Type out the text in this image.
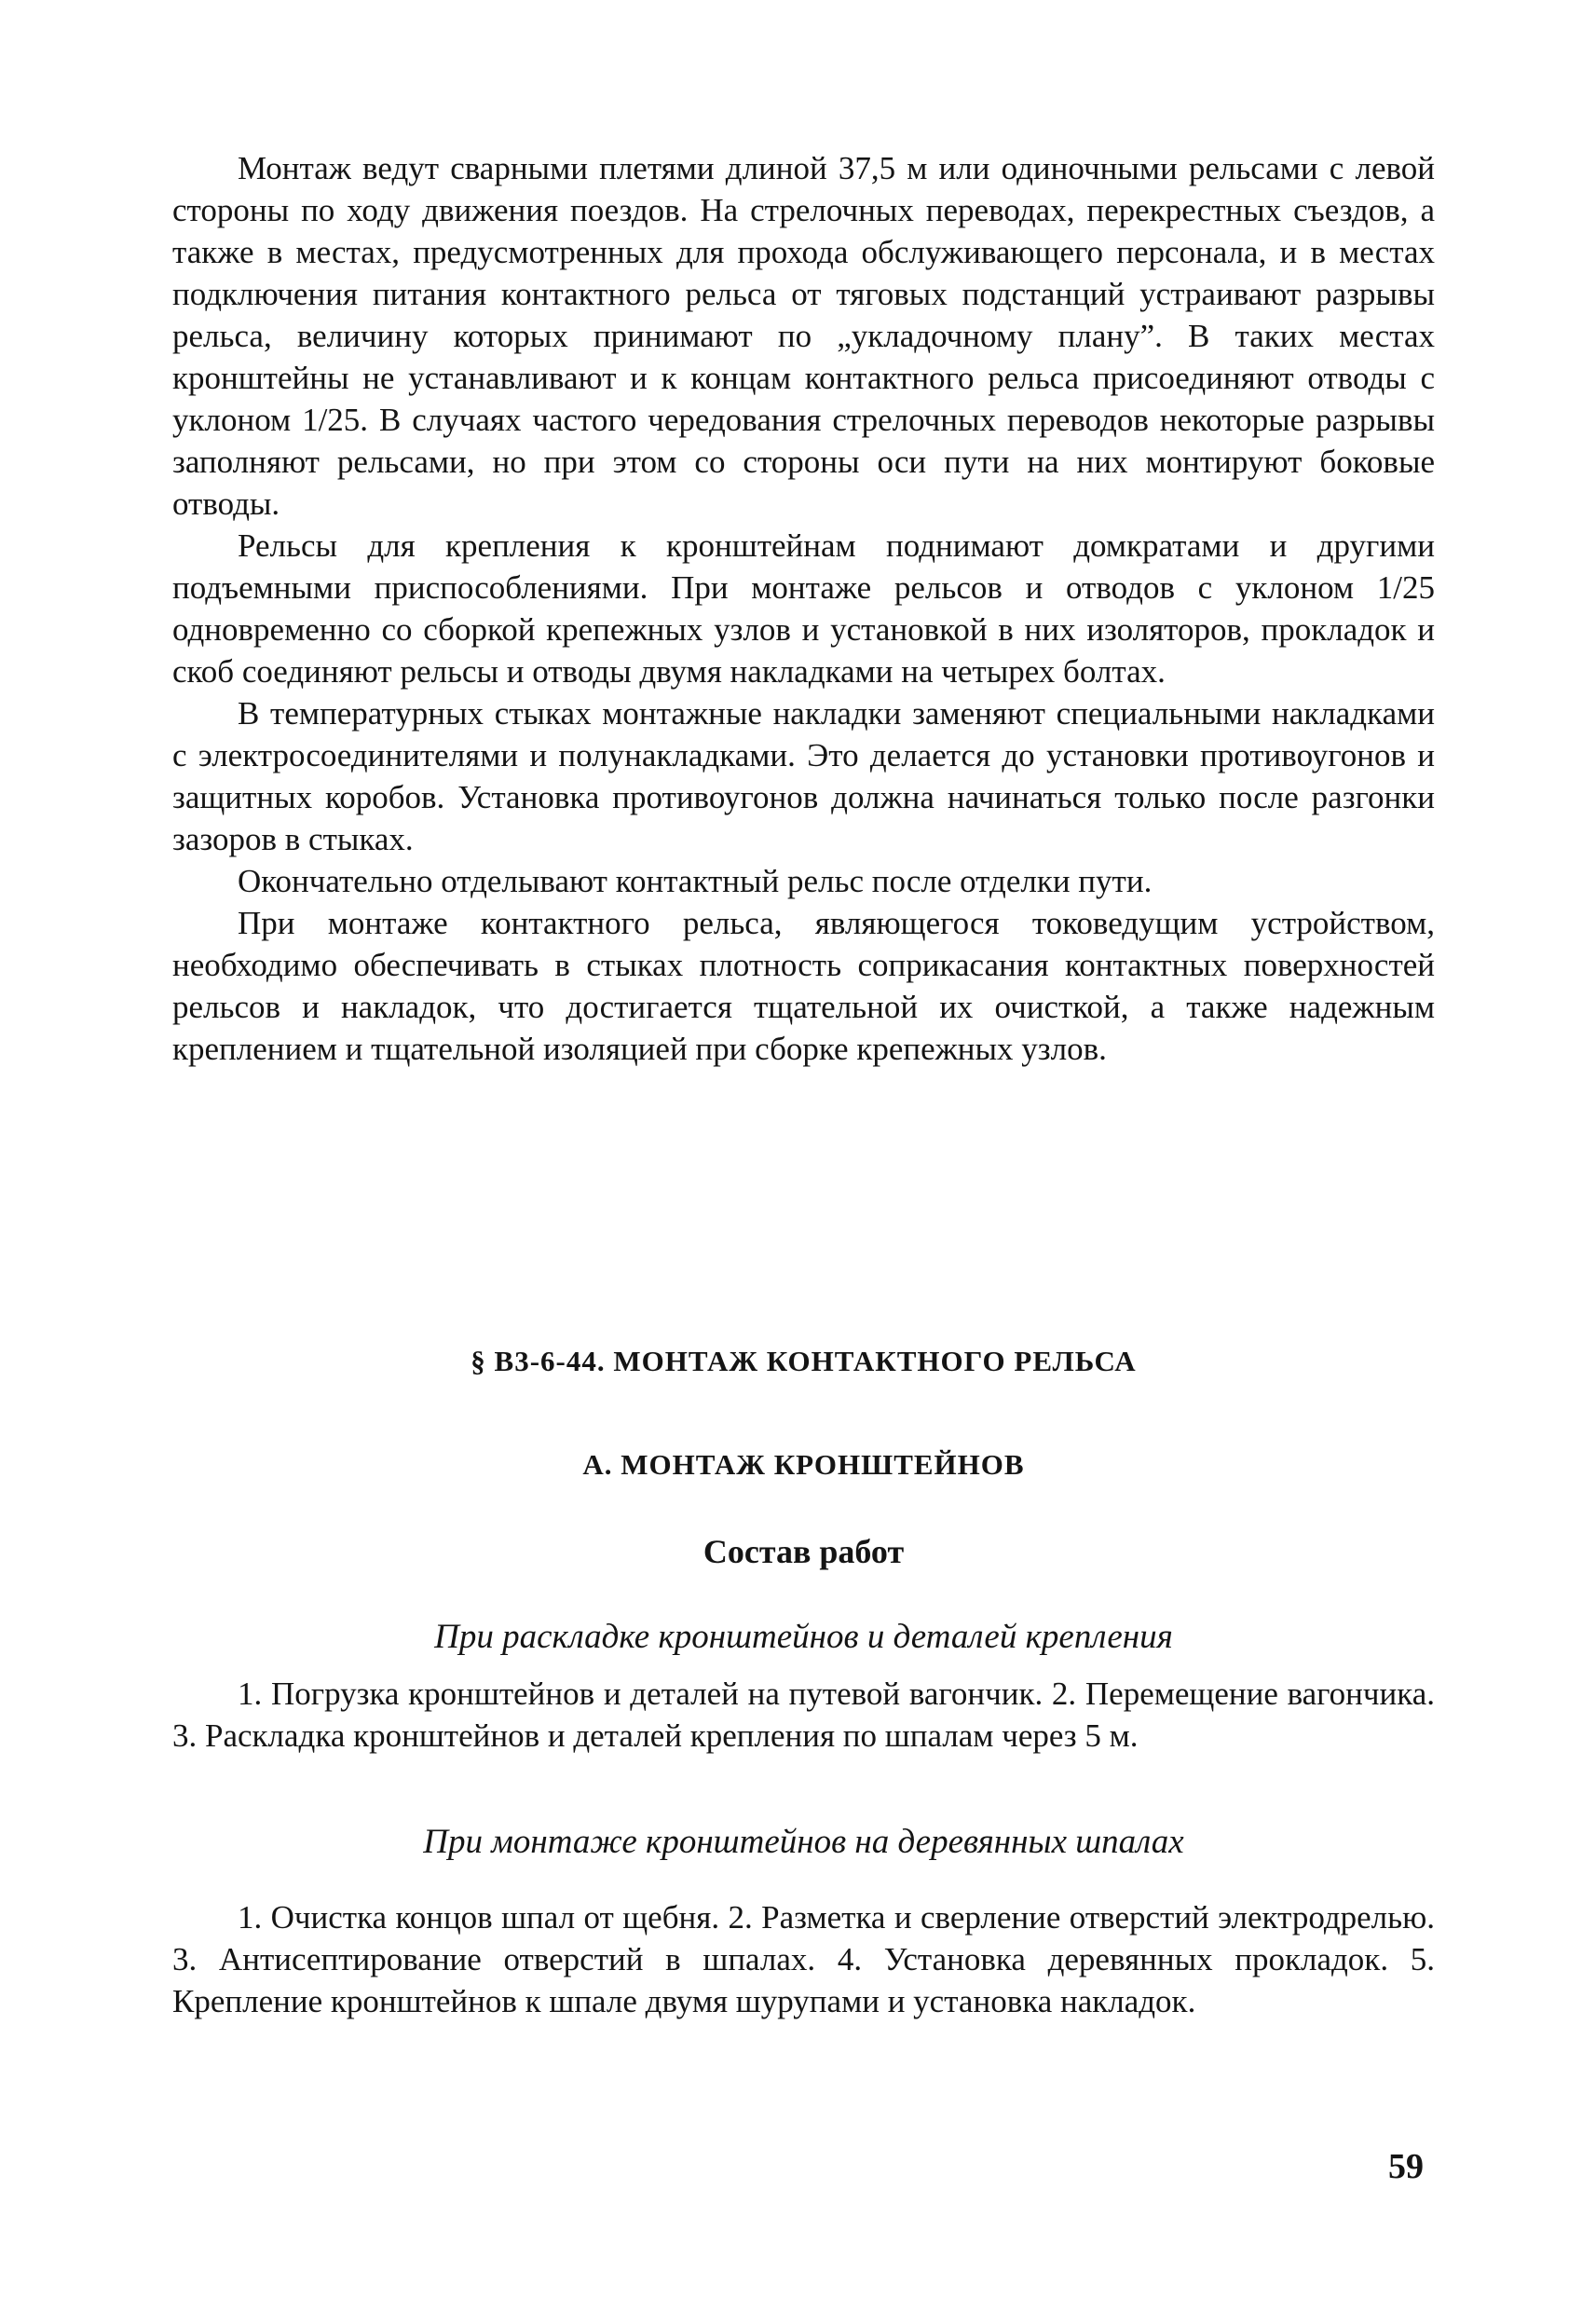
Монтаж ведут сварными плетями длиной 37,5 м или одиночными рельсами с левой стороны по ходу движения поездов. На стрелочных переводах, перекрестных съездов, а также в местах, предусмотренных для прохода обслуживающего персонала, и в местах подключения питания контактного рельса от тяговых подстанций устраивают разрывы рельса, величину которых принимают по „укладочному плану”. В таких местах кронштейны не устанавливают и к концам контактного рельса присоединяют отводы с уклоном 1/25. В случаях частого чередования стрелочных переводов некоторые разрывы заполняют рельсами, но при этом со стороны оси пути на них монтируют боковые отводы.

Рельсы для крепления к кронштейнам поднимают домкратами и другими подъемными приспособлениями. При монтаже рельсов и отводов с уклоном 1/25 одновременно со сборкой крепежных узлов и установкой в них изоляторов, прокладок и скоб соединяют рельсы и отводы двумя накладками на четырех болтах.

В температурных стыках монтажные накладки заменяют специальными накладками с электросоединителями и полунакладками. Это делается до установки противоугонов и защитных коробов. Установка противоугонов должна начинаться только после разгонки зазоров в стыках.

Окончательно отделывают контактный рельс после отделки пути.

При монтаже контактного рельса, являющегося токоведущим устройством, необходимо обеспечивать в стыках плотность соприкасания контактных поверхностей рельсов и накладок, что достигается тщательной их очисткой, а также надежным креплением и тщательной изоляцией при сборке крепежных узлов.

§ В3-6-44. МОНТАЖ КОНТАКТНОГО РЕЛЬСА
А. МОНТАЖ КРОНШТЕЙНОВ
Состав работ
При раскладке кронштейнов и деталей крепления

1. Погрузка кронштейнов и деталей на путевой вагончик. 2. Перемещение вагончика. 3. Раскладка кронштейнов и деталей крепления по шпалам через 5 м.

При монтаже кронштейнов на деревянных шпалах

1. Очистка концов шпал от щебня. 2. Разметка и сверление отверстий электродрелью. 3. Антисептирование отверстий в шпалах. 4. Установка деревянных прокладок. 5. Крепление кронштейнов к шпале двумя шурупами и установка накладок.

59
